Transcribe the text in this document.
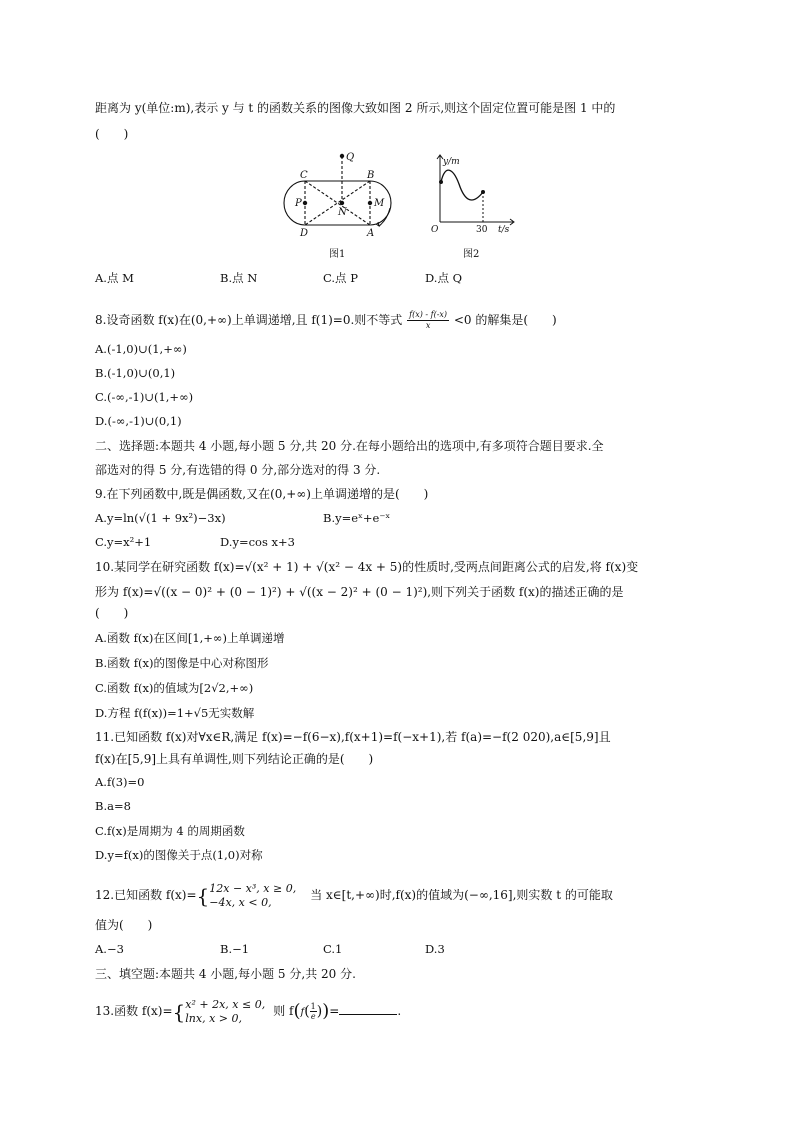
距离为 y(单位:m),表示 y 与 t 的函数关系的图像大致如图 2 所示,则这个固定位置可能是图 1 中的
(　　)
Q
C	B
P
N
M
D	A
图1
y/m
t/s
O	30
图2
A.点 M	B.点 N	C.点 P	D.点 Q
8.设奇函数 f(x)在(0,+∞)上单调递增,且 f(1)=0.则不等式 $\frac{f(x) - f(-x)}{x} <0$ 的解集是(　　)
A.(-1,0)∪(1,+∞)
B.(-1,0)∪(0,1)
C.(-∞,-1)∪(1,+∞)
D.(-∞,-1)∪(0,1)
二、选择题:本题共 4 小题,每小题 5 分,共 20 分.在每小题给出的选项中,有多项符合题目要求.全
部选对的得 5 分,有选错的得 0 分,部分选对的得 3 分.
9.在下列函数中,既是偶函数,又在(0,+∞)上单调递增的是(　　)
A.y=ln(√(1 + 9x²)−3x)	B.y=eˣ+e⁻ˣ
C.y=x²+1	D.y=cos x+3
10.某同学在研究函数 f(x)=√(x² + 1) + √(x² − 4x + 5)的性质时,受两点间距离公式的启发,将 f(x)变
形为 f(x)=√((x − 0)² + (0 − 1)²) + √((x − 2)² + (0 − 1)²),则下列关于函数 f(x)的描述正确的是
(　　)
A.函数 f(x)在区间[1,+∞)上单调递增
B.函数 f(x)的图像是中心对称图形
C.函数 f(x)的值域为[2√2,+∞)
D.方程 f(f(x))=1+√5无实数解
11.已知函数 f(x)对∀x∈R,满足 f(x)=−f(6−x),f(x+1)=f(−x+1),若 f(a)=−f(2 020),a∈[5,9]且
f(x)在[5,9]上具有单调性,则下列结论正确的是(　　)
A.f(3)=0
B.a=8
C.f(x)是周期为 4 的周期函数
D.y=f(x)的图像关于点(1,0)对称
12.已知函数 f(x)={ 12x − x³, x ≥ 0,
−4x, x < 0,	当 x∈[t,+∞)时,f(x)的值域为(−∞,16],则实数 t 的可能取
值为(　　)
A.−3	B.−1	C.1	D.3
三、填空题:本题共 4 小题,每小题 5 分,共 20 分.
13.函数 f(x)={ x² + 2x, x ≤ 0,
lnx, x > 0,	则 $f(f( \frac{1}{e}$ ))=	.
